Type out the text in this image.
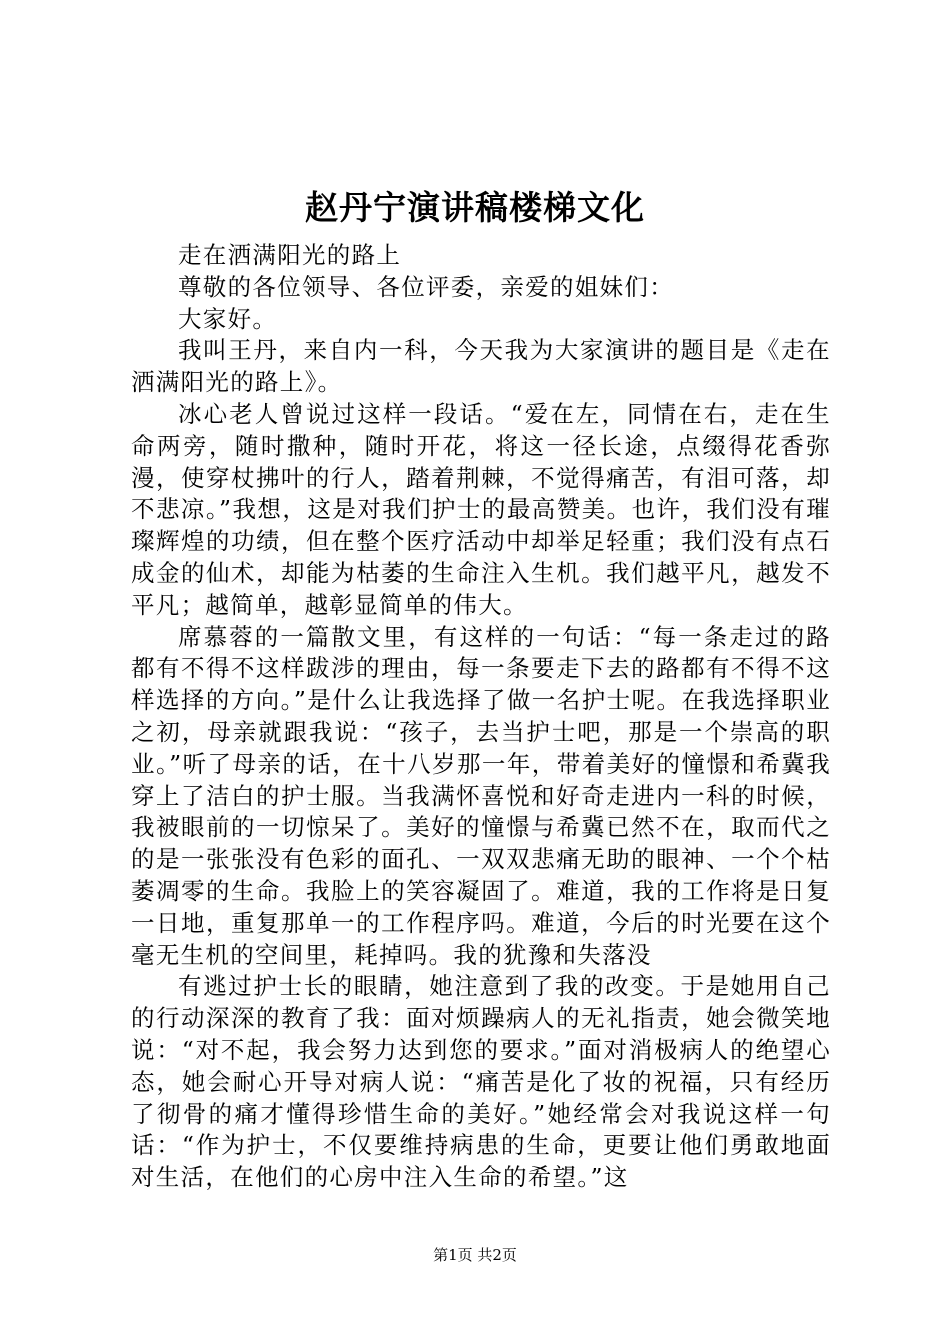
赵丹宁演讲稿楼梯文化

走在洒满阳光的路上

尊敬的各位领导、各位评委，亲爱的姐妹们：

大家好。

我叫王丹，来自内一科，今天我为大家演讲的题目是《走在洒满阳光的路上》。

冰心老人曾说过这样一段话。“爱在左，同情在右，走在生命两旁，随时撒种，随时开花，将这一径长途，点缀得花香弥漫，使穿杖拂叶的行人，踏着荆棘，不觉得痛苦，有泪可落，却不悲凉。”我想，这是对我们护士的最高赞美。也许，我们没有璀璨辉煌的功绩，但在整个医疗活动中却举足轻重；我们没有点石成金的仙术，却能为枯萎的生命注入生机。我们越平凡，越发不平凡；越简单，越彰显简单的伟大。

席慕蓉的一篇散文里，有这样的一句话：“每一条走过的路都有不得不这样跋涉的理由，每一条要走下去的路都有不得不这样选择的方向。”是什么让我选择了做一名护士呢。在我选择职业之初，母亲就跟我说：“孩子，去当护士吧，那是一个崇高的职业。”听了母亲的话，在十八岁那一年，带着美好的憧憬和希冀我穿上了洁白的护士服。当我满怀喜悦和好奇走进内一科的时候，我被眼前的一切惊呆了。美好的憧憬与希冀已然不在，取而代之的是一张张没有色彩的面孔、一双双悲痛无助的眼神、一个个枯萎凋零的生命。我脸上的笑容凝固了。难道，我的工作将是日复一日地，重复那单一的工作程序吗。难道，今后的时光要在这个毫无生机的空间里，耗掉吗。我的犹豫和失落没

有逃过护士长的眼睛，她注意到了我的改变。于是她用自己的行动深深的教育了我：面对烦躁病人的无礼指责，她会微笑地说：“对不起，我会努力达到您的要求。”面对消极病人的绝望心态，她会耐心开导对病人说：“痛苦是化了妆的祝福，只有经历了彻骨的痛才懂得珍惜生命的美好。”她经常会对我说这样一句话：“作为护士，不仅要维持病患的生命，更要让他们勇敢地面对生活，在他们的心房中注入生命的希望。”这

第1页 共2页
